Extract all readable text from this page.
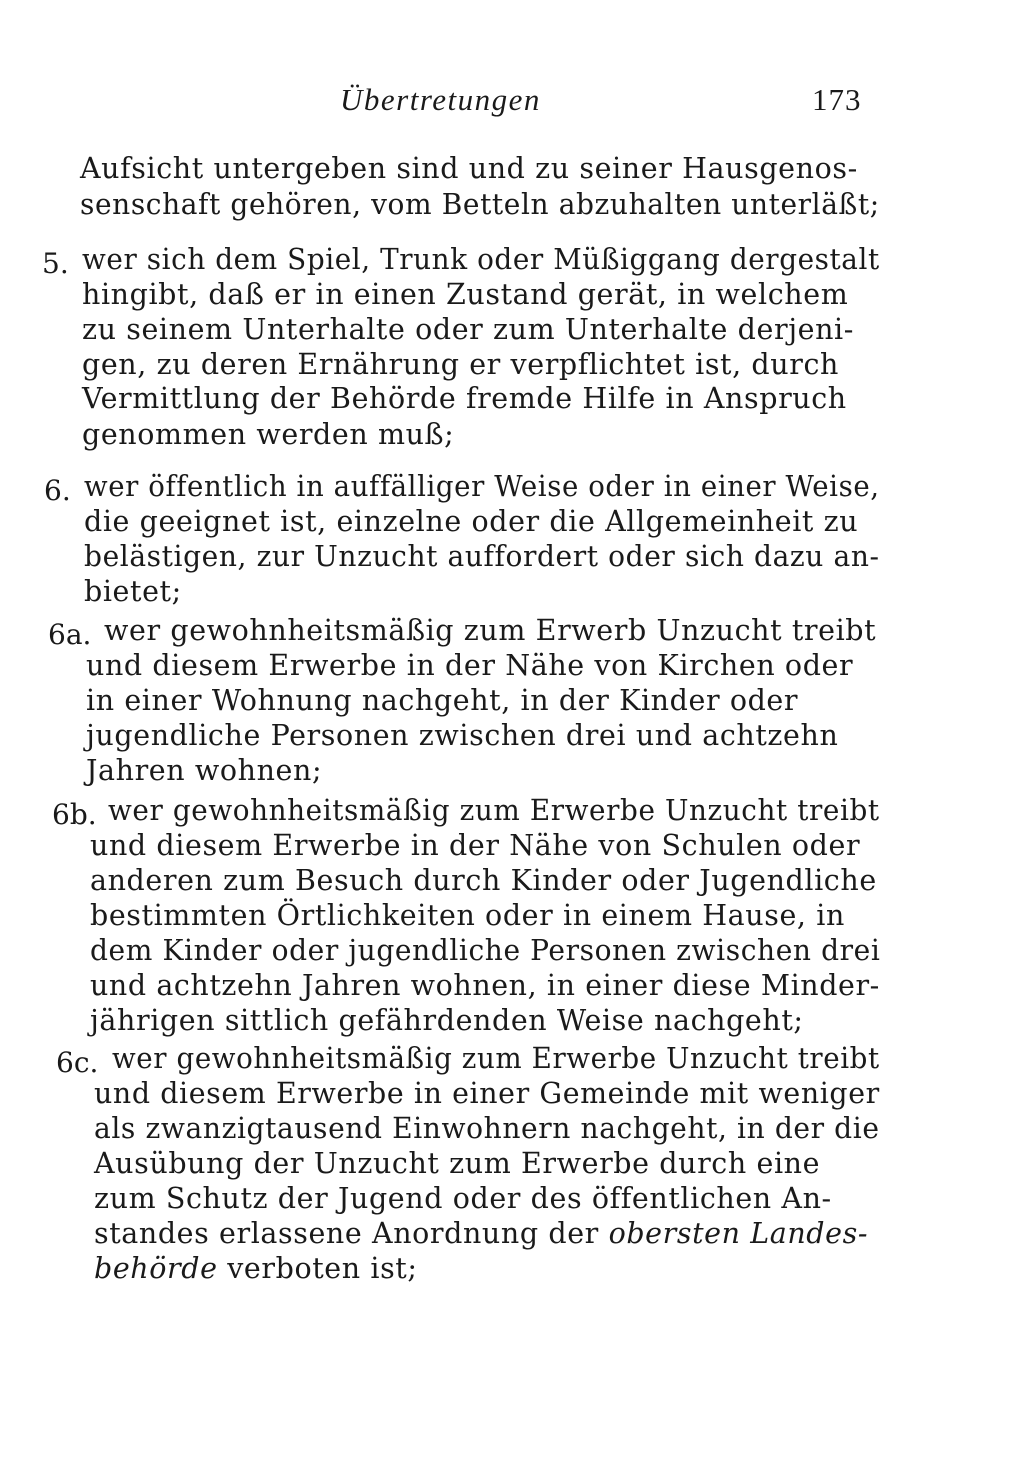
Übertretungen	173
Aufsicht untergeben sind und zu seiner Hausgenos-
senschaft gehören, vom Betteln abzuhalten unterläßt;
5. wer sich dem Spiel, Trunk oder Müßiggang dergestalt
hingibt, daß er in einen Zustand gerät, in welchem
zu seinem Unterhalte oder zum Unterhalte derjeni-
gen, zu deren Ernährung er verpflichtet ist, durch
Vermittlung der Behörde fremde Hilfe in Anspruch
genommen werden muß;
6. wer öffentlich in auffälliger Weise oder in einer Weise,
die geeignet ist, einzelne oder die Allgemeinheit zu
belästigen, zur Unzucht auffordert oder sich dazu an-
bietet;
6a. wer gewohnheitsmäßig zum Erwerb Unzucht treibt
und diesem Erwerbe in der Nähe von Kirchen oder
in einer Wohnung nachgeht, in der Kinder oder
jugendliche Personen zwischen drei und achtzehn
Jahren wohnen;
6b. wer gewohnheitsmäßig zum Erwerbe Unzucht treibt
und diesem Erwerbe in der Nähe von Schulen oder
anderen zum Besuch durch Kinder oder Jugendliche
bestimmten Örtlichkeiten oder in einem Hause, in
dem Kinder oder jugendliche Personen zwischen drei
und achtzehn Jahren wohnen, in einer diese Minder-
jährigen sittlich gefährdenden Weise nachgeht;
6c. wer gewohnheitsmäßig zum Erwerbe Unzucht treibt
und diesem Erwerbe in einer Gemeinde mit weniger
als zwanzigtausend Einwohnern nachgeht, in der die
Ausübung der Unzucht zum Erwerbe durch eine
zum Schutz der Jugend oder des öffentlichen An-
standes erlassene Anordnung der obersten Landes-
behörde verboten ist;
